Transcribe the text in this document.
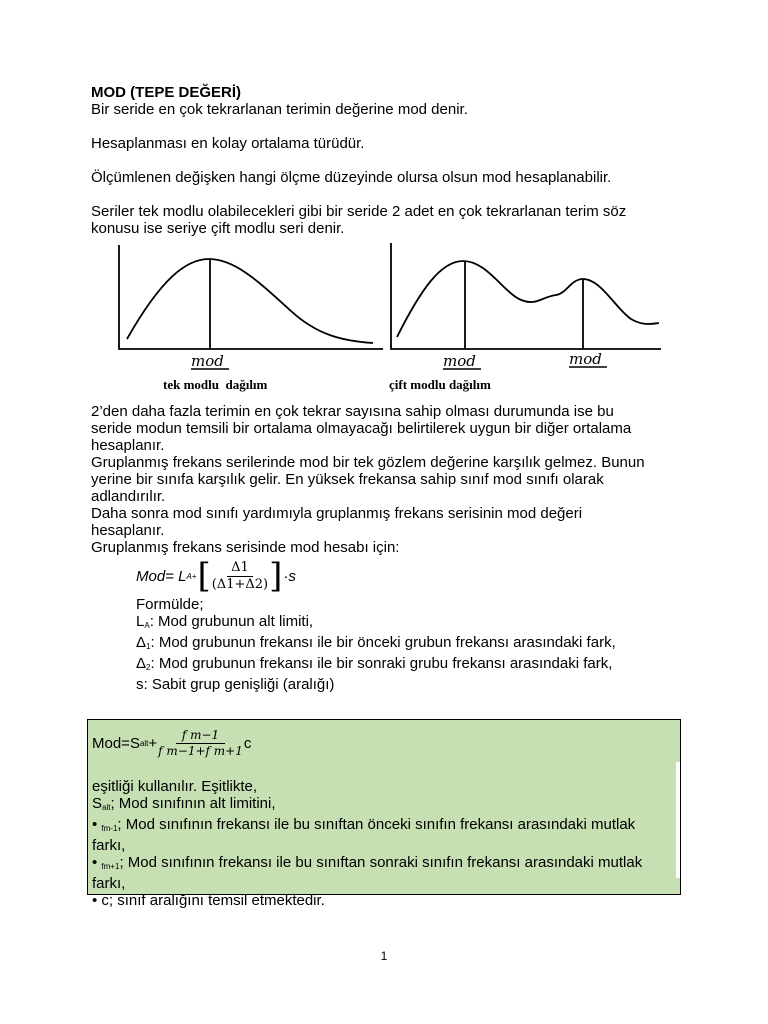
MOD (TEPE DEĞERİ)

Bir seride en çok tekrarlanan terimin değerine mod denir.

Hesaplanması en kolay ortalama türüdür.

Ölçümlenen değişken hangi ölçme düzeyinde olursa olsun mod hesaplanabilir.

Seriler tek modlu olabilecekleri gibi bir seride 2 adet en çok tekrarlanan terim söz

konusu ise seriye çift modlu seri denir.

mod	mod	mod
tek modlu  dağılım	çift modlu dağılım

2’den daha fazla terimin en çok tekrar sayısına sahip olması durumunda ise bu

seride modun temsili bir ortalama olmayacağı belirtilerek uygun bir diğer ortalama

hesaplanır.

Gruplanmış frekans serilerinde mod bir tek gözlem değerine karşılık gelmez. Bunun

yerine bir sınıfa karşılık gelir. En yüksek frekansa sahip sınıf mod sınıfı olarak

adlandırılır.

Daha sonra mod sınıfı yardımıyla gruplanmış frekans serisinin mod değeri

hesaplanır.

Gruplanmış frekans serisinde mod hesabı için:

Mod= L A+ [ $\frac{\Delta 1}{(\Delta 1+\Delta 2)}$ ] ·s

Formülde;

$L_A$: Mod grubunun alt limiti,

$\Delta_1$: Mod grubunun frekansı ile bir önceki grubun frekansı arasındaki fark,

$\Delta_2$: Mod grubunun frekansı ile bir sonraki grubu frekansı arasındaki fark,

s: Sabit grup genişliği (aralığı)

Mod=S alt + $\frac{\text{f m−1}}{\text{f m−1+f m+1}}$ c

eşitliği kullanılır. Eşitlikte,

$S_{alt}$; Mod sınıfının alt limitini,

• $_{fm-1}$; Mod sınıfının frekansı ile bu sınıftan önceki sınıfın frekansı arasındaki mutlak

farkı,

• $_{fm+1}$; Mod sınıfının frekansı ile bu sınıftan sonraki sınıfın frekansı arasındaki mutlak

farkı,

• c; sınıf aralığını temsil etmektedir.

1
